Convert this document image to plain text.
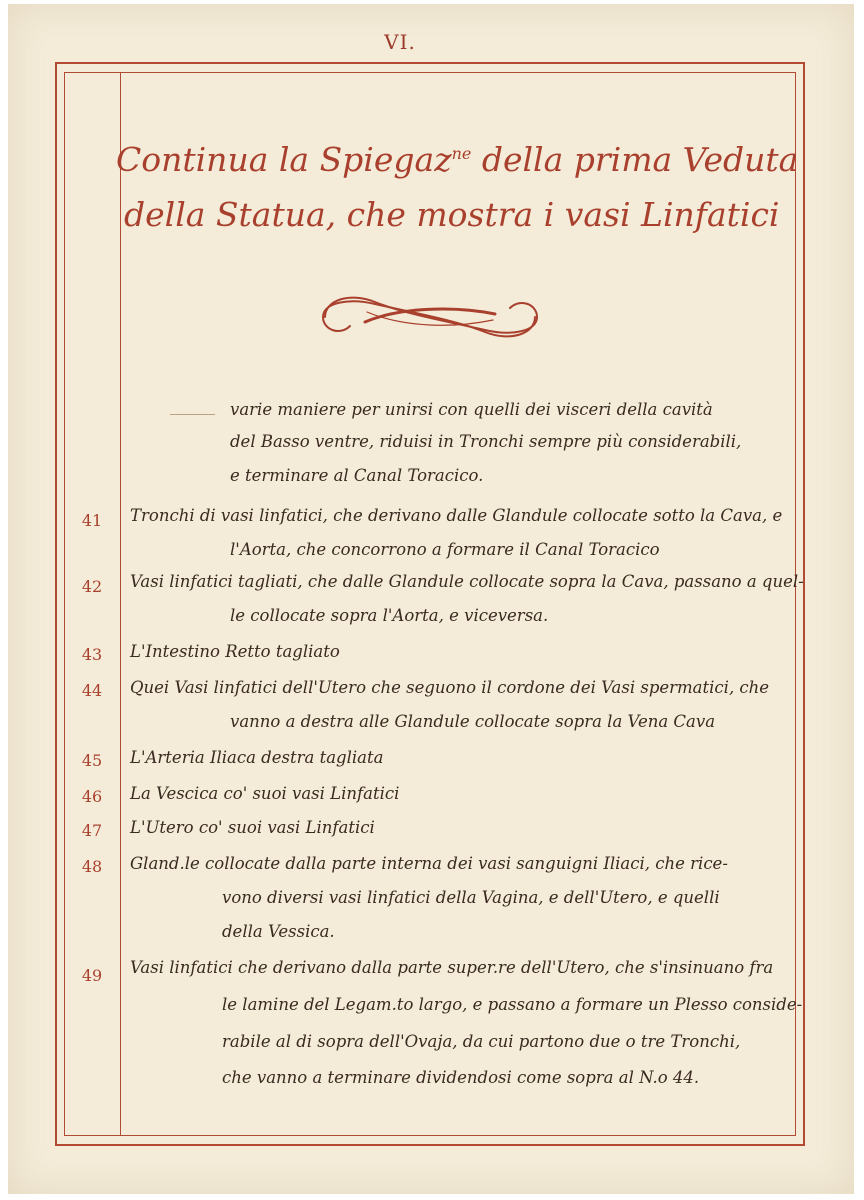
VI.
Continua la Spiegaz$^{ne}$ della prima Veduta
della Statua, che mostra i vasi Linfatici
varie maniere per unirsi con quelli dei visceri della cavità
del Basso ventre, riduisi in Tronchi sempre più considerabili,
e terminare al Canal Toracico.
41	Tronchi di vasi linfatici, che derivano dalle Glandule collocate sotto la Cava, e
l'Aorta, che concorrono a formare il Canal Toracico
42	Vasi linfatici tagliati, che dalle Glandule collocate sopra la Cava, passano a quel-
le collocate sopra l'Aorta, e viceversa.
43	L'Intestino Retto tagliato
44	Quei Vasi linfatici dell'Utero che seguono il cordone dei Vasi spermatici, che
vanno a destra alle Glandule collocate sopra la Vena Cava
45	L'Arteria Iliaca destra tagliata
46	La Vescica co' suoi vasi Linfatici
47	L'Utero co' suoi vasi Linfatici
48	Gland.le collocate dalla parte interna dei vasi sanguigni Iliaci, che rice-
vono diversi vasi linfatici della Vagina, e dell'Utero, e quelli
della Vessica.
49	Vasi linfatici che derivano dalla parte super.re dell'Utero, che s'insinuano fra
le lamine del Legam.to largo, e passano a formare un Plesso conside-
rabile al di sopra dell'Ovaja, da cui partono due o tre Tronchi,
che vanno a terminare dividendosi come sopra al N.o 44.
